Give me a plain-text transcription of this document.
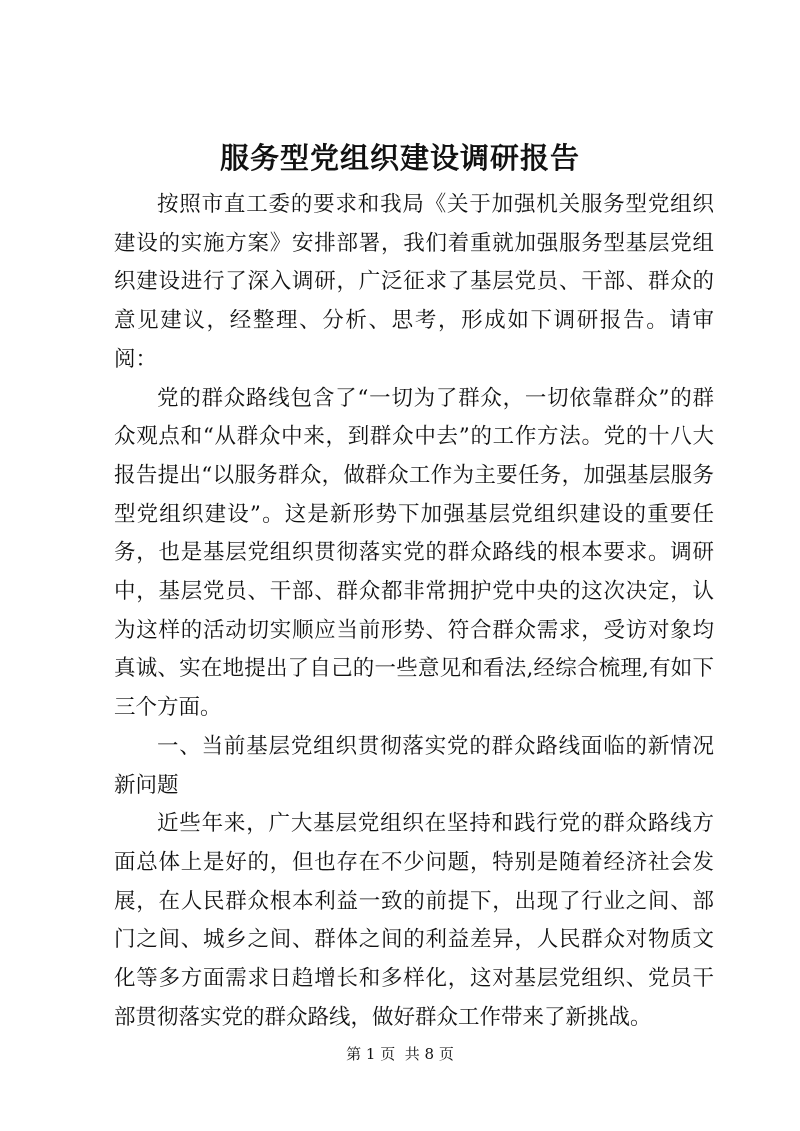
服务型党组织建设调研报告

按照市直工委的要求和我局《关于加强机关服务型党组织建设的实施方案》安排部署，我们着重就加强服务型基层党组织建设进行了深入调研，广泛征求了基层党员、干部、群众的意见建议，经整理、分析、思考，形成如下调研报告。请审阅：

党的群众路线包含了“一切为了群众，一切依靠群众”的群众观点和“从群众中来，到群众中去”的工作方法。党的十八大报告提出“以服务群众，做群众工作为主要任务，加强基层服务型党组织建设”。这是新形势下加强基层党组织建设的重要任务，也是基层党组织贯彻落实党的群众路线的根本要求。调研中，基层党员、干部、群众都非常拥护党中央的这次决定，认为这样的活动切实顺应当前形势、符合群众需求，受访对象均真诚、实在地提出了自己的一些意见和看法,经综合梳理,有如下三个方面。

一、当前基层党组织贯彻落实党的群众路线面临的新情况新问题

近些年来，广大基层党组织在坚持和践行党的群众路线方面总体上是好的，但也存在不少问题，特别是随着经济社会发展，在人民群众根本利益一致的前提下，出现了行业之间、部门之间、城乡之间、群体之间的利益差异，人民群众对物质文化等多方面需求日趋增长和多样化，这对基层党组织、党员干部贯彻落实党的群众路线，做好群众工作带来了新挑战。

第 1 页  共 8 页
